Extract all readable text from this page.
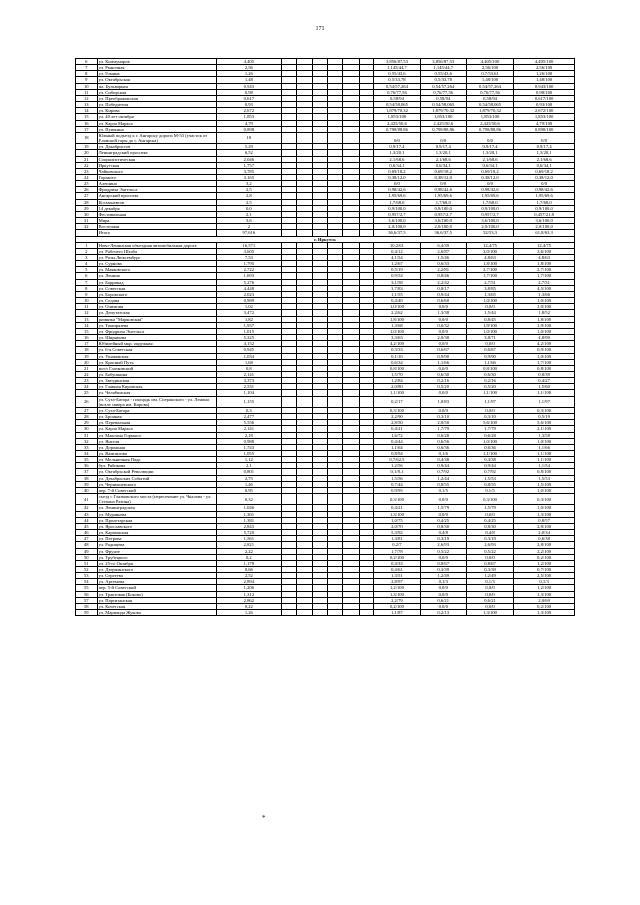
171
6	ул. Коммунаров	4,405							3,856/87,53	3,856/87,53	4,405/100	4,405/100
7	ул. Рыночная	2,56							1,145/44,7	1,145/44,7	2,56/100	2,56/100
8	ул. Гомина	1,26							0,55/43,6	0,55/43,6	0,7/53,61	1,26/100
9	ул. Октябрьская	1,48							0,5/33,78	0,5/33,78	1,48/100	1,48/100
10	пл. Бульварная	0,943							0,54/57,264	0,54/57,264	0,54/57,264	0,943/100
11	ул. Сибирская	0,98							0,76/77,56	0,76/77,56	0,76/77,56	0,98/100
12	ул. Преображенская	0,617							0,58/94	0,58/94	0,58/94	0,617/100
13	ул. Победителя	0,93							0,54/58,065	0,54/58,065	0,54/58,065	0,93/100
14	ул. Кирова	2,672							1,879/70,32	1,879/70,32	1,879/70,32	2,672/100
15	ул. 40 лет октября	1,853							1,853/100	1,853/100	1,853/100	1,853/100
16	ул. Карла Маркса	4,79							2,425/50,6	2,425/50,6	2,425/50,6	4,79/100
17	ул. Пушкина	0,898							0,798/88,86	0,798/88,86	0,798/88,86	0,898/100
18	Южный подъезд к г. Ангарску дороги М-53 (участок от Еловской горы до г. Ангарска)	10							0/0	0/0	0/0	0/0
19	ул. Декабристов	5,29							0,9/17,4	0,9/17,4	0,9/17,4	0,9/17,4
20	Ленинградский проспект	6,52							1,3/20,1	1,3/20,1	1,3/20,1	1,3/20,1
21	Социалистическая	2,046							2,1/68,6	2,1/68,6	2,1/68,6	2,1/68,6
22	Иркутская	1,757							0,6/34,1	0,6/34,1	0,6/34,1	0,6/34,1
23	Чайковского	3,785							0,69/18,2	0,69/18,2	0,69/18,2	0,69/18,2
24	Горького	3,165							0,38/12,0	0,38/12,0	0,38/12,0	0,38/12,0
25	Алешина	3,2							0/0	0/0	0/0	0/0
26	Фридриха Энгельса	2,5							0,98/42,6	0,98/42,6	0,98/42,6	0,98/42,6
27	Ангарский проспект	2,8							1,95/69,6	1,95/69,6	1,95/69,6	1,95/69,6
28	Космонавтов	2,5							1,7/68,0	1,7/68,0	1,7/68,0	1,7/68,0
29	14 декабря	0,0							0,9/100,0	0,9/100,0	0,9/100,0	0,9/100,0
30	Фестивальная	2,1							0,957/2,7	0,957/2,7	0,957/2,7	0,457/21,8
31	Мира	3,6							3,6/100,0	3,6/100,0	3,6/100,0	3,6/100,0
32	Восточная	2							2,0/100,0	2,0/100,0	2,0/100,0	2,0/100,0
	Итого	97,616							36,6/37,5	36,6/37,5	52/53,3	61,8/63,3
г. Иркутск												
1	Ново-Ленинская объездная автомобильная дорога	16,571							10,2/61	6,4/39	12,4/75	12,4/75
2	ул. Рабочего Штаба	3,605							0,4/12	2,6/87	3,0/100	3,6/100
3	ул. Розы Люксембург	7,53							4,1/54	1,5/46	4,8/63	4,8/63
4	ул. Сурнова	1,795							1,2/67	0,6/33	1,8/100	1,8/100
5	ул. Маяковского	2,722							0,5/19	2,2/81	2,7/100	2,7/100
6	ул. Ленина	1,693							0,9/54	0,8/46	1,7/100	1,7/100
7	ул. Баррикад	5,276							3,1/58	2,2/42	2,7/51	2,7/51
8	ул. Советская	4,448							3,7/83	0,8/17	3,8/85	4,5/100
9	ул. Боровского	2,023							1,1/55	0,9/44	1,3/65	1,3/66
10	ул. Седова	0,989							0,4/40	0,6/60	1,0/100	1,0/100
11	ул. Олимпия	1,02							1,0/100	0,0/0	0,0/0	1,0/100
12	ул. Депутатская	3,472							2,2/62	1,3/38	1,5/44	1,8/52
13	развязка "Марковская"	1,82							1,8/100	0,0/0	0,8/45	1,8/100
14	ул. Тимирязева	1,937							1,3/68	0,6/32	1,9/100	1,9/100
15	ул. Фридриха Энгельса	1,015							1,0/100	0,0/0	1,0/100	1,0/100
16	ул. Ширямова	5,325							3,3/63	2,0/38	3,8/71	4,8/90
17	Юбилейный мкр. окружная	4,152							4,2/100	0,0/0	0,0/0	4,2/100
18	ул. 6-я Советская	0,945							0,3/33	0,6/67	0,6/67	0,9/100
19	ул. Ушаковская	1,034							0,1/10	0,9/90	0,9/90	1,0/100
20	ул. Красный Путь	1,68							0,6/34	1,1/66	1,1/66	1,7/100
21	мост Глазковский	0,8							0,8/100	0,0/0	0,8/100	0,8/100
22	ул. Бабушкина	2,141							1,5/70	0,6/30	0,6/30	0,8/39
23	ул. Звездинская	3,373							1,2/84	0,2/16	0,2/16	0,4/27
24	ул. Главная Кировская	2,531							2,0/80	0,5/20	0,5/20	1,5/60
25	ул. Челябинская	1,104							1,1/100	0,0/0	1,1/100	1,1/100
26	ул. Сухэ-Батора - площадь им. Сперанского - ул. Ленина (возле сквера им. Кирова)	1,155							0,2/17	1,0/83	1,1/97	1,1/97
27	ул. Сухэ-Батора	0,3							0,3/100	0,0/0	0,0/0	0,3/100
28	ул. Бронная	2,477							2,2/90	0,3/10	0,3/10	0,5/19
29	ул. Перевальная	5,556							2,8/50	2,8/50	5,6/100	5,6/100
30	ул. Карла Маркса	2,141							0,4/21	1,7/79	1,7/79	2,1/100
31	ул. Максима Горького	2,18							1,6/72	0,6/28	0,6/28	1,3/58
32	ул. Янгеля	0,988							0,4/44	0,6/56	1,0/100	1,0/100
33	ул. Дорожная	1,743							1,1/64	0,6/36	0,6/36	1,1/66
34	ул. Вампилова	1,055							0,8/94	0,1/6	1,1/100	1,1/100
35	ул. Мельничная Падь	1,12							0,7/62,5	0,4/38	0,4/38	1,1/100
36	бул. Рябикова	2,1							1,2/56	0,9/44	0,9/44	1,1/54
37	ул. Октябрьской Революции	0,801							0,1/8,1	0,7/92	0,7/92	0,8/100
38	ул. Декабрьских Событий	2,75							1,5/56	1,2/44	1,5/53	1,5/53
39	ул. Чернышевского	1,46							0,7/44	0,8/55	0,8/55	1,5/100
40	пер. 7-й Советский	0,95							0,9/95	0,1/5	0,1/5	1,0/100
41	съезд с Глазковского моста (пересечение ул. Чкалова - ул. Степана Разина)	0,32							0,3/100	0,0/0	0,3/100	0,3/100
42	ул. Ленинградская	1,046							0,4/21	1,5/79	1,5/79	1,0/100
43	ул. Муравьева	1,301							1,3/100	0,0/0	0,0/0	1,3/100
44	ул. Пролетарская	1,381							1,0/75	0,4/25	0,4/25	0,8/57
45	ул. Ярославского	2,843							2,0/70	0,8/30	0,8/30	2,8/100
46	ул. Карпинская	5,720							5,3/92	0,4/8	0,4/8	2,0/34
47	ул. Петрова	1,561							1,3/81	0,3/19	0,3/19	0,6/38
48	ул. Радищева	2,821							0,2/7	2,6/93	2,6/93	2,8/100
49	ул. Фрунзе	2,22							1,7/78	0,5/22	0,5/22	2,2/100
50	ул. Трубецкого	0,2							0,2/100	0,0/0	0,0/0	0,2/100
51	ул. 25-го Октября	1,178							0,4/33	0,8/67	0,8/67	1,2/100
52	ул. Дзержинского	0,66							0,4/61	0,3/39	0,3/39	0,7/100
53	ул. Сергеева	2,52							1,3/51	1,2/49	1,2/49	2,5/100
54	ул. Артемова	2,894							2,8/97	0,1/3	0,1/3	0,1/3
55	пер. 5-й Советский	1,206							1,2/100	0,0/0	0,0/0	1,2/100
56	ул. Трактовая (Боково)	1,312							1,3/100	0,0/0	0,0/0	1,3/100
57	ул. Партизанская	2,862							2,2/79	0,6/21	0,6/21	2,0/69
58	ул. Кочетская	0,22							0,2/100	0,0/0	0,0/0	0,2/100
59	ул. Марианда Жукова	1,26							1,1/87	0,2/13	1,3/100	1,3/100
*
